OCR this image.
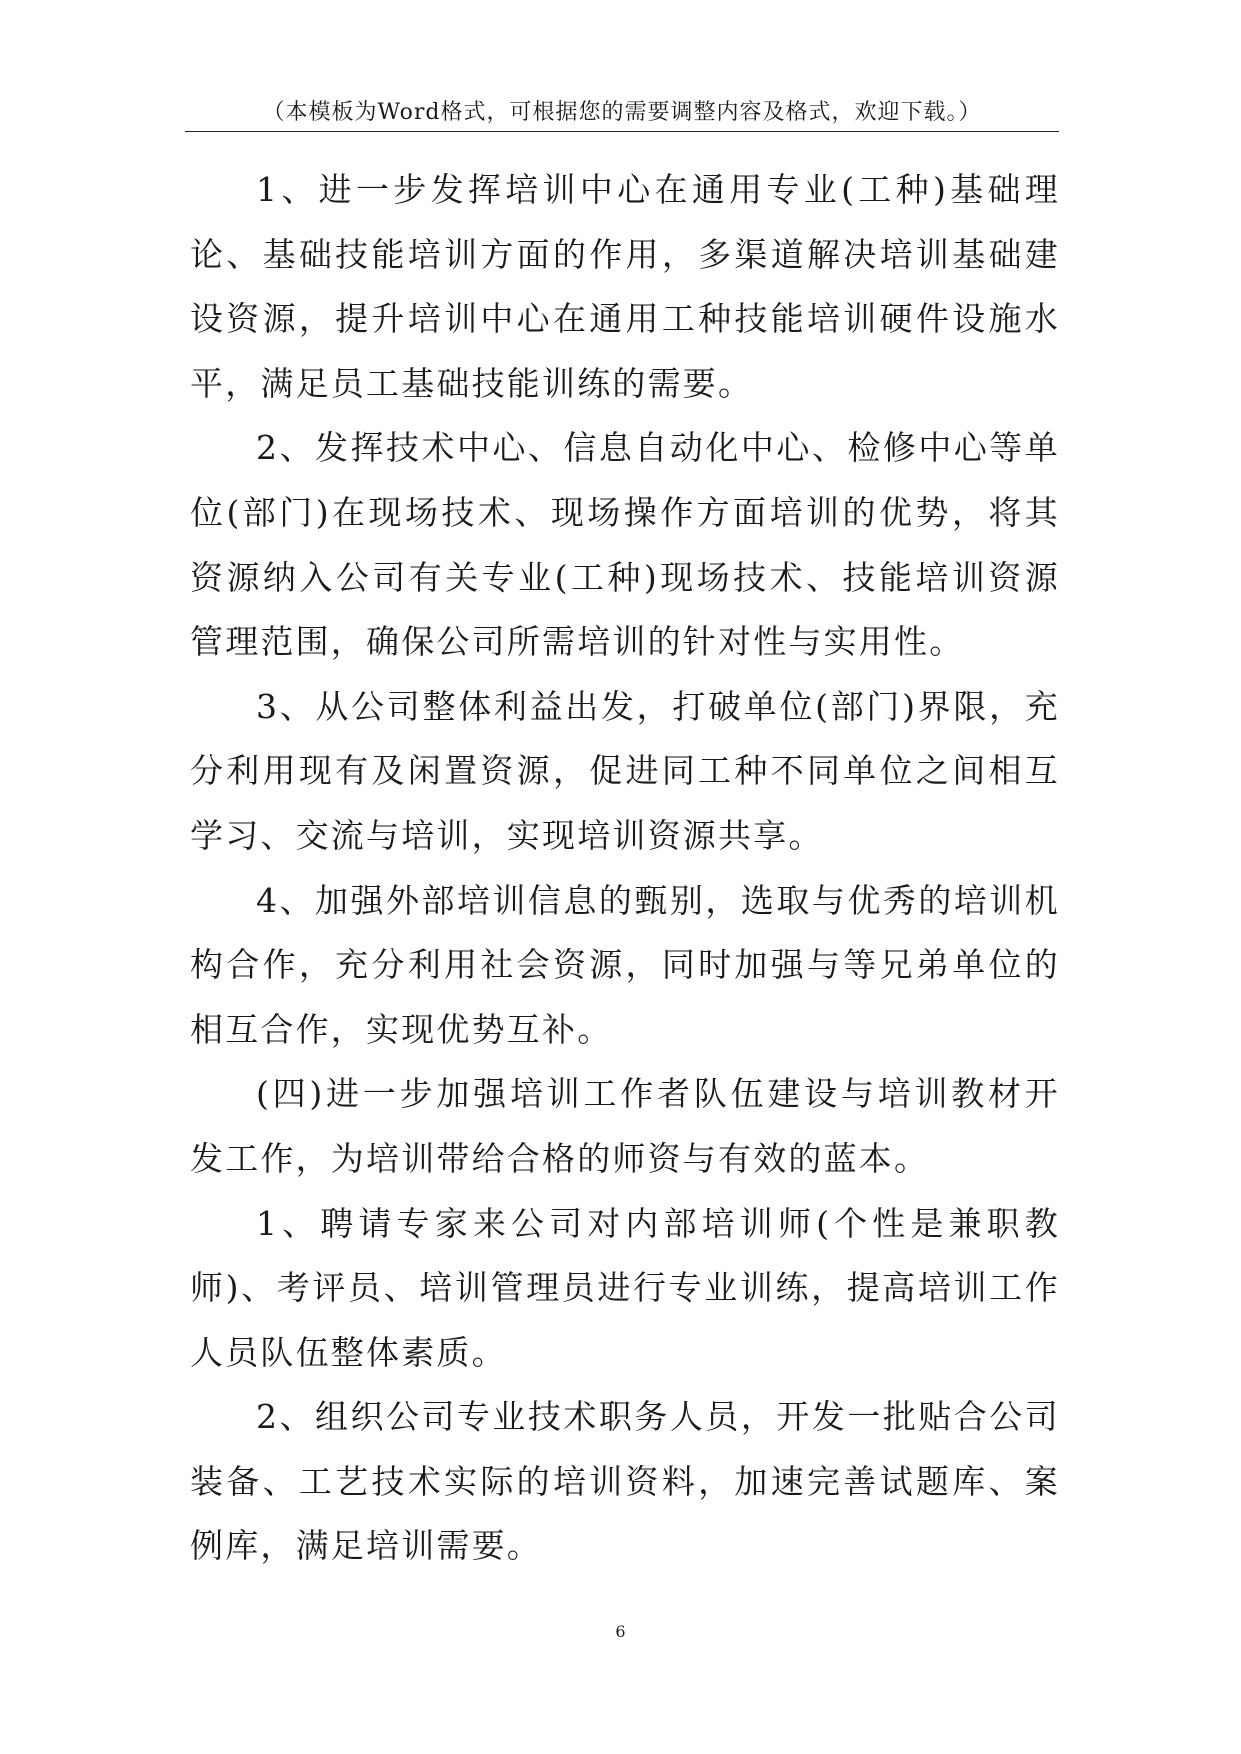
（本模板为Word格式，可根据您的需要调整内容及格式，欢迎下载。）

1、进一步发挥培训中心在通用专业(工种)基础理论、基础技能培训方面的作用，多渠道解决培训基础建设资源，提升培训中心在通用工种技能培训硬件设施水平，满足员工基础技能训练的需要。

2、发挥技术中心、信息自动化中心、检修中心等单位(部门)在现场技术、现场操作方面培训的优势，将其资源纳入公司有关专业(工种)现场技术、技能培训资源管理范围，确保公司所需培训的针对性与实用性。

3、从公司整体利益出发，打破单位(部门)界限，充分利用现有及闲置资源，促进同工种不同单位之间相互学习、交流与培训，实现培训资源共享。

4、加强外部培训信息的甄别，选取与优秀的培训机构合作，充分利用社会资源，同时加强与等兄弟单位的相互合作，实现优势互补。

(四)进一步加强培训工作者队伍建设与培训教材开发工作，为培训带给合格的师资与有效的蓝本。

1、聘请专家来公司对内部培训师(个性是兼职教师)、考评员、培训管理员进行专业训练，提高培训工作人员队伍整体素质。

2、组织公司专业技术职务人员，开发一批贴合公司装备、工艺技术实际的培训资料，加速完善试题库、案例库，满足培训需要。

6
